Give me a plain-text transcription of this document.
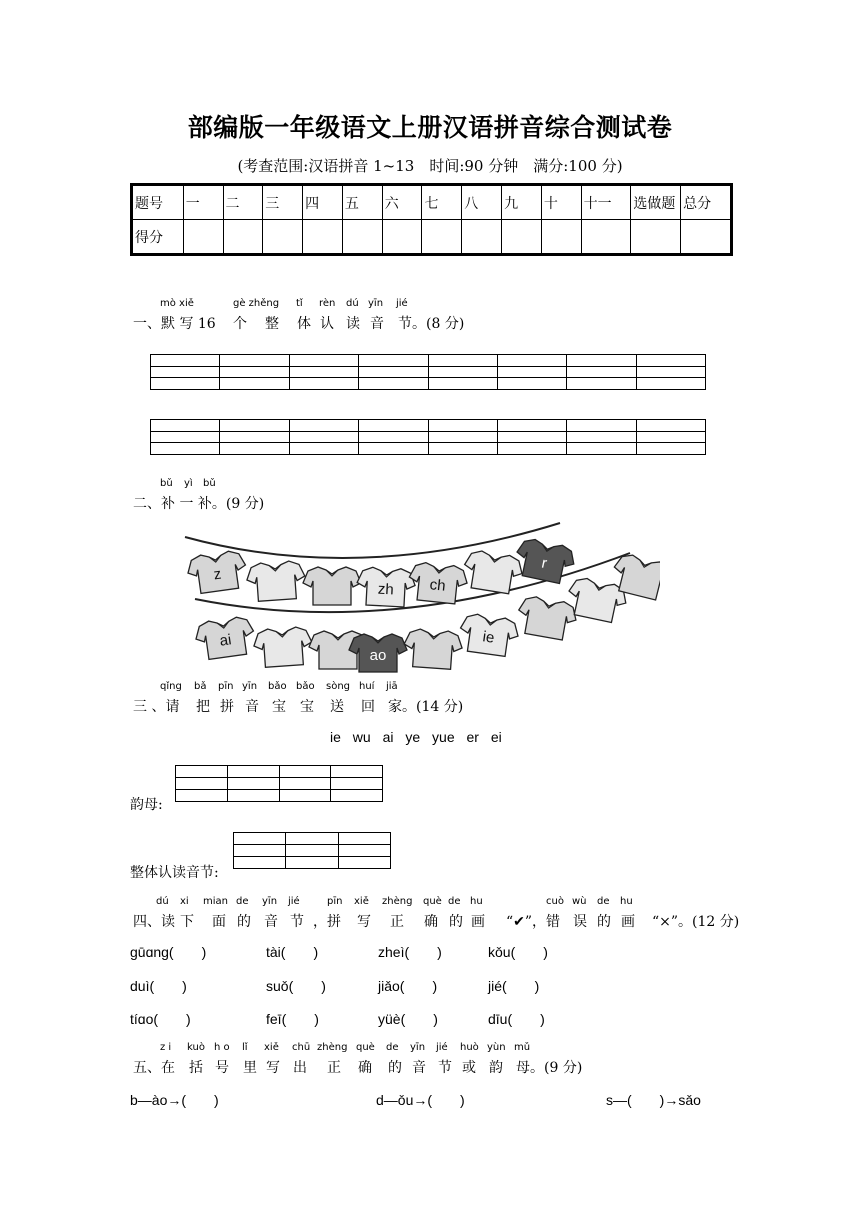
部编版一年级语文上册汉语拼音综合测试卷
(考查范围:汉语拼音 1~13　时间:90 分钟　满分:100 分)
题号	一	二	三	四	五	六	七	八	九	十	十一	选做题	总分
得分													
mò xiě	gè zhěng tǐ rèn dú yīn jié
一、默 写 16 个 整 体 认 读 音 节。(8 分)

bǔ yì bǔ
二、补 一 补。(9 分)
z
zh ch
r
ai
ao
ie
qǐng bǎ pīn yīn bǎo bǎo sòng huí jiā
三 、请 把 拼 音 宝 宝 送 回 家。(14 分)
ie wu ai ye yue er ei

韵母:

整体认读音节:
dú xi mian de yīn jié	pīn xiě zhèng què de hu	cuò wù de hu
四、读 下 面 的 音 节 ，拼 写 正 确 的 画 “✔”，错 误 的 画 “×”。(12 分)
gūɑng(　　)	tài(　　)	zheì(　　)	kǒu(　　)
duì(　　)	suǒ(　　)	jiǎo(　　)	jié(　　)
tíɑo(　　)	feī(　　)	yüè(　　)	dīu(　　)
z i kuò h o lǐ xiě chū zhèng què de yīn jié huò yùn mǔ
五、在 括 号 里 写 出 正 确 的 音 节 或 韵 母。(9 分)
b—ào→(　　)	d—ǒu→(　　)	s—(　　)→sǎo
